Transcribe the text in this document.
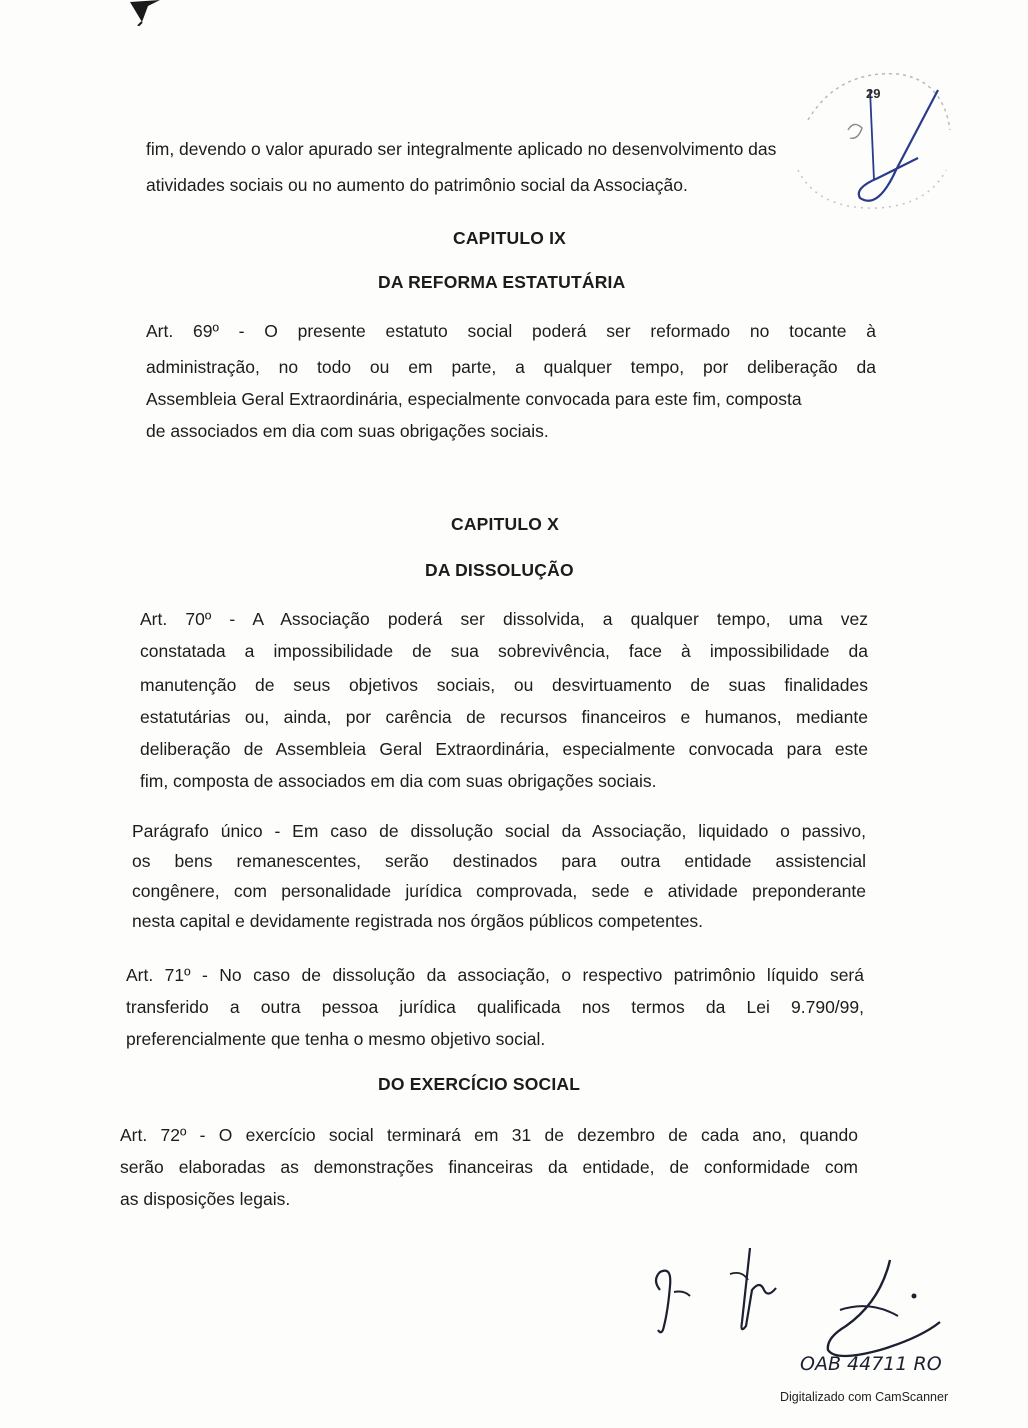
29
fim, devendo o valor apurado ser integralmente aplicado no desenvolvimento das
atividades sociais ou no aumento do patrimônio social da Associação.
CAPITULO IX
DA REFORMA ESTATUTÁRIA
Art. 69º - O presente estatuto social poderá ser reformado no tocante à
administração, no todo ou em parte, a qualquer tempo, por deliberação da
Assembleia Geral Extraordinária, especialmente convocada para este fim, composta
de associados em dia com suas obrigações sociais.
CAPITULO X
DA DISSOLUÇÃO
Art. 70º - A Associação poderá ser dissolvida, a qualquer tempo, uma vez
constatada a impossibilidade de sua sobrevivência, face à impossibilidade da
manutenção de seus objetivos sociais, ou desvirtuamento de suas finalidades
estatutárias ou, ainda, por carência de recursos financeiros e humanos, mediante
deliberação de Assembleia Geral Extraordinária, especialmente convocada para este
fim, composta de associados em dia com suas obrigações sociais.
Parágrafo único - Em caso de dissolução social da Associação, liquidado o passivo,
os bens remanescentes, serão destinados para outra entidade assistencial
congênere, com personalidade jurídica comprovada, sede e atividade preponderante
nesta capital e devidamente registrada nos órgãos públicos competentes.
Art. 71º - No caso de dissolução da associação, o respectivo patrimônio líquido será
transferido a outra pessoa jurídica qualificada nos termos da Lei 9.790/99,
preferencialmente que tenha o mesmo objetivo social.
DO EXERCÍCIO SOCIAL
Art. 72º - O exercício social terminará em 31 de dezembro de cada ano, quando
serão elaboradas as demonstrações financeiras da entidade, de conformidade com
as disposições legais.
OAB 44711 RO
Digitalizado com CamScanner
